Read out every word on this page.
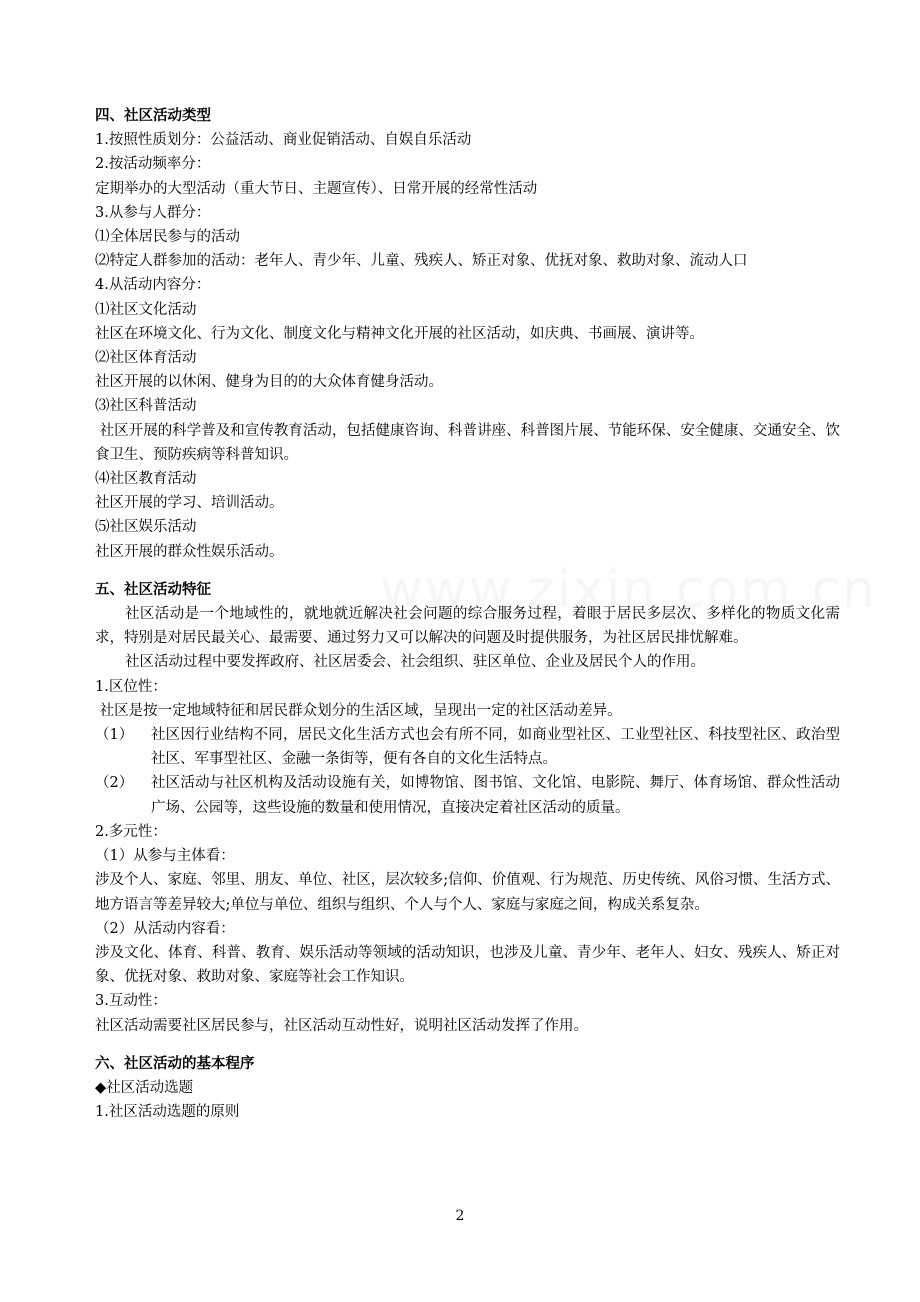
四、社区活动类型
1.按照性质划分：公益活动、商业促销活动、自娱自乐活动
2.按活动频率分：
定期举办的大型活动（重大节日、主题宣传）、日常开展的经常性活动
3.从参与人群分：
⑴全体居民参与的活动
⑵特定人群参加的活动：老年人、青少年、儿童、残疾人、矫正对象、优抚对象、救助对象、流动人口
4.从活动内容分：
⑴社区文化活动
社区在环境文化、行为文化、制度文化与精神文化开展的社区活动，如庆典、书画展、演讲等。
⑵社区体育活动
社区开展的以休闲、健身为目的的大众体育健身活动。
⑶社区科普活动
社区开展的科学普及和宣传教育活动，包括健康咨询、科普讲座、科普图片展、节能环保、安全健康、交通安全、饮食卫生、预防疾病等科普知识。
⑷社区教育活动
社区开展的学习、培训活动。
⑸社区娱乐活动
社区开展的群众性娱乐活动。
五、社区活动特征
社区活动是一个地域性的，就地就近解决社会问题的综合服务过程，着眼于居民多层次、多样化的物质文化需求，特别是对居民最关心、最需要、通过努力又可以解决的问题及时提供服务，为社区居民排忧解难。
社区活动过程中要发挥政府、社区居委会、社会组织、驻区单位、企业及居民个人的作用。
1.区位性：
社区是按一定地域特征和居民群众划分的生活区域，呈现出一定的社区活动差异。
（1）	社区因行业结构不同，居民文化生活方式也会有所不同，如商业型社区、工业型社区、科技型社区、政治型社区、军事型社区、金融一条街等，便有各自的文化生活特点。
（2）	社区活动与社区机构及活动设施有关，如博物馆、图书馆、文化馆、电影院、舞厅、体育场馆、群众性活动广场、公园等，这些设施的数量和使用情况，直接决定着社区活动的质量。
2.多元性：
（1）从参与主体看：
涉及个人、家庭、邻里、朋友、单位、社区，层次较多;信仰、价值观、行为规范、历史传统、风俗习惯、生活方式、地方语言等差异较大;单位与单位、组织与组织、个人与个人、家庭与家庭之间，构成关系复杂。
（2）从活动内容看：
涉及文化、体育、科普、教育、娱乐活动等领域的活动知识，也涉及儿童、青少年、老年人、妇女、残疾人、矫正对象、优抚对象、救助对象、家庭等社会工作知识。
3.互动性：
社区活动需要社区居民参与，社区活动互动性好，说明社区活动发挥了作用。
六、社区活动的基本程序
◆社区活动选题
1.社区活动选题的原则
2
